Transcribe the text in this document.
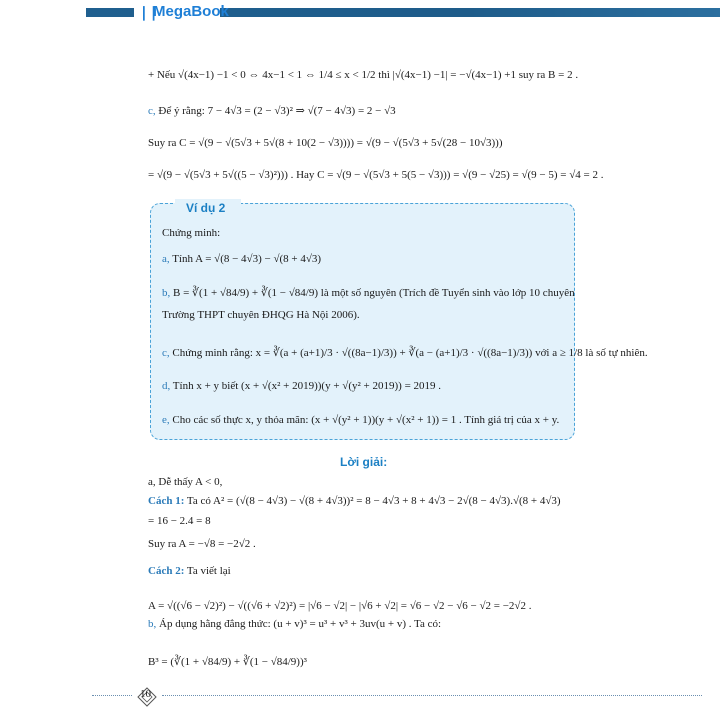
❘❘
MegaBook
+ Nếu √(4x−1) −1 < 0 ⇔ 4x−1 < 1 ⇔ 1/4 ≤ x < 1/2 thì |√(4x−1) −1| = −√(4x−1) +1 suy ra B = 2 .
c, Để ý rằng: 7 − 4√3 = (2 − √3)² ⇒ √(7 − 4√3) = 2 − √3
Suy ra C = √(9 − √(5√3 + 5√(8 + 10(2 − √3)))) = √(9 − √(5√3 + 5√(28 − 10√3)))
= √(9 − √(5√3 + 5√((5 − √3)²))) . Hay C = √(9 − √(5√3 + 5(5 − √3))) = √(9 − √25) = √(9 − 5) = √4 = 2 .
Ví dụ 2
Chứng minh:
a, Tính A = √(8 − 4√3) − √(8 + 4√3)
b, B = ∛(1 + √84/9) + ∛(1 − √84/9) là một số nguyên (Trích đề Tuyển sinh vào lớp 10 chuyên
Trường THPT chuyên ĐHQG Hà Nội 2006).
c, Chứng minh rằng: x = ∛(a + (a+1)/3 · √((8a−1)/3)) + ∛(a − (a+1)/3 · √((8a−1)/3)) với a ≥ 1/8 là số tự nhiên.
d, Tính x + y biết (x + √(x² + 2019))(y + √(y² + 2019)) = 2019 .
e, Cho các số thực x, y thỏa mãn: (x + √(y² + 1))(y + √(x² + 1)) = 1 . Tính giá trị của x + y.
Lời giải:
a, Dễ thấy A < 0,
Cách 1: Ta có A² = (√(8 − 4√3) − √(8 + 4√3))² = 8 − 4√3 + 8 + 4√3 − 2√(8 − 4√3).√(8 + 4√3)
= 16 − 2.4 = 8
Suy ra A = −√8 = −2√2 .
Cách 2: Ta viết lại
A = √((√6 − √2)²) − √((√6 + √2)²) = |√6 − √2| − |√6 + √2| = √6 − √2 − √6 − √2 = −2√2 .
b, Áp dụng hằng đẳng thức: (u + v)³ = u³ + v³ + 3uv(u + v) . Ta có:
B³ = (∛(1 + √84/9) + ∛(1 − √84/9))³
10
